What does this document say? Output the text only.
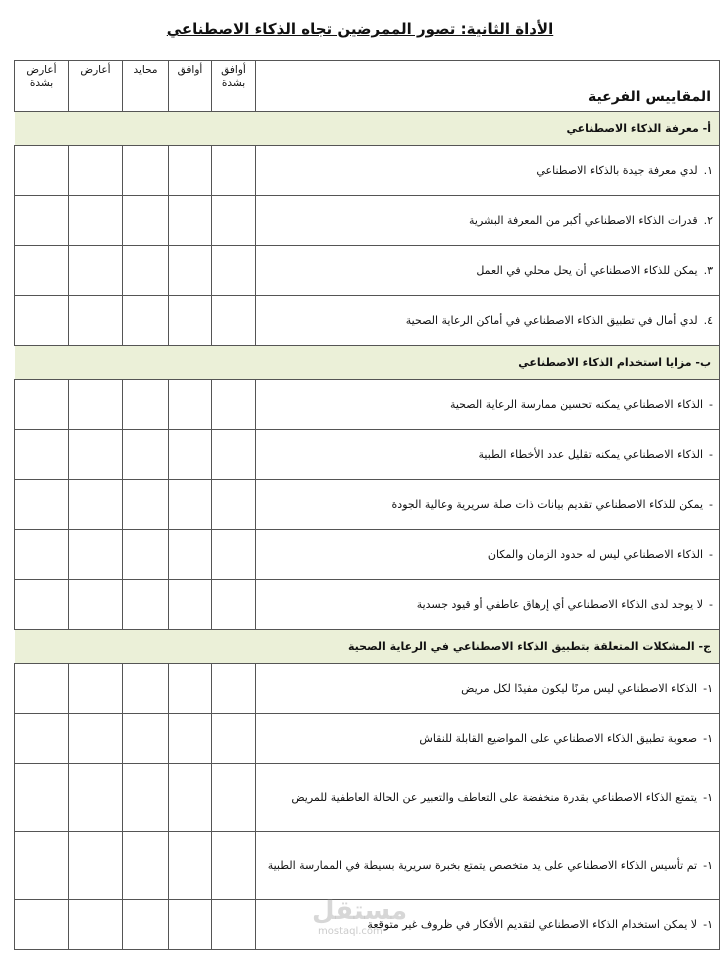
الأداة الثانية: تصور الممرضين تجاه الذكاء الاصطناعي
أعارض بشدة	أعارض	محايد	أوافق	أوافق بشدة	المقاييس الفرعية
					أ- معرفة الذكاء الاصطناعي
					١.لدي معرفة جيدة بالذكاء الاصطناعي
					٢.قدرات الذكاء الاصطناعي أكبر من المعرفة البشرية
					٣.يمكن للذكاء الاصطناعي أن يحل محلي في العمل
					٤.لدي أمال في تطبيق الذكاء الاصطناعي في أماكن الرعاية الصحية
					ب- مزايا استخدام الذكاء الاصطناعي
					-الذكاء الاصطناعي يمكنه تحسين ممارسة الرعاية الصحية
					-الذكاء الاصطناعي يمكنه تقليل عدد الأخطاء الطبية
					-يمكن للذكاء الاصطناعي تقديم بيانات ذات صلة سريرية وعالية الجودة
					-الذكاء الاصطناعي ليس له حدود الزمان والمكان
					-لا يوجد لدى الذكاء الاصطناعي أي إرهاق عاطفي أو قيود جسدية
					ج- المشكلات المتعلقة بتطبيق الذكاء الاصطناعي في الرعاية الصحية
					١-الذكاء الاصطناعي ليس مرنًا ليكون مفيدًا لكل مريض
					١-صعوبة تطبيق الذكاء الاصطناعي على المواضيع القابلة للنقاش
					١-يتمتع الذكاء الاصطناعي بقدرة منخفضة على التعاطف والتعبير عن الحالة العاطفية للمريض
					١-تم تأسيس الذكاء الاصطناعي على يد متخصص يتمتع بخبرة سريرية بسيطة في الممارسة الطبية
					١-لا يمكن استخدام الذكاء الاصطناعي لتقديم الأفكار في ظروف غير متوقعة
مستقل
mostaql.com
